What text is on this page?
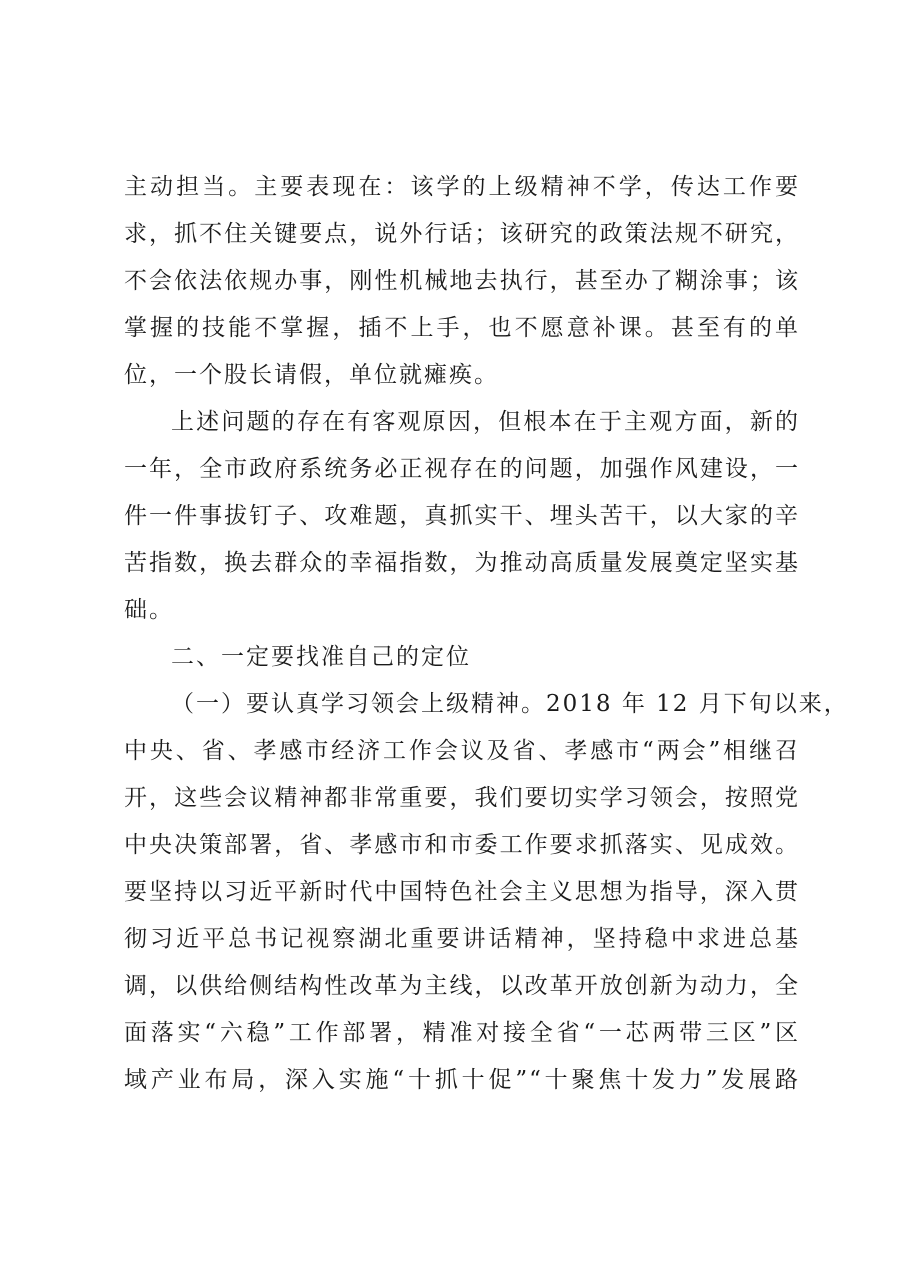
主动担当。主要表现在：该学的上级精神不学，传达工作要
求，抓不住关键要点，说外行话；该研究的政策法规不研究，
不会依法依规办事，刚性机械地去执行，甚至办了糊涂事；该
掌握的技能不掌握，插不上手，也不愿意补课。甚至有的单
位，一个股长请假，单位就瘫痪。
上述问题的存在有客观原因，但根本在于主观方面，新的
一年，全市政府系统务必正视存在的问题，加强作风建设，一
件一件事拔钉子、攻难题，真抓实干、埋头苦干，以大家的辛
苦指数，换去群众的幸福指数，为推动高质量发展奠定坚实基
础。
二、一定要找准自己的定位
（一）要认真学习领会上级精神。2018 年 12 月下旬以来，
中央、省、孝感市经济工作会议及省、孝感市“两会”相继召
开，这些会议精神都非常重要，我们要切实学习领会，按照党
中央决策部署，省、孝感市和市委工作要求抓落实、见成效。
要坚持以习近平新时代中国特色社会主义思想为指导，深入贯
彻习近平总书记视察湖北重要讲话精神，坚持稳中求进总基
调，以供给侧结构性改革为主线，以改革开放创新为动力，全
面落实“六稳”工作部署，精准对接全省“一芯两带三区”区
域产业布局，深入实施“十抓十促”“十聚焦十发力”发展路
